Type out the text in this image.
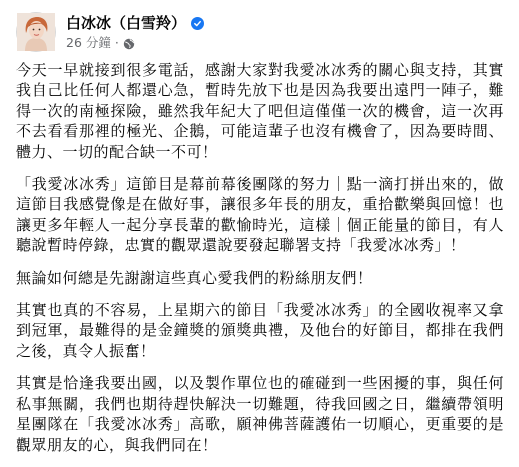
白冰冰（白雪羚）
26 分鐘 ·

今天一早就接到很多電話，感謝大家對我愛冰冰秀的關心與支持，其實我自己比任何人都還心急，暫時先放下也是因為我要出遠門一陣子，難得一次的南極探險，雖然我年紀大了吧但這僅僅一次的機會，這一次再不去看看那裡的極光、企鵝，可能這輩子也沒有機會了，因為要時間、體力、一切的配合缺一不可！

「我愛冰冰秀」這節目是幕前幕後團隊的努力｜點一滴打拼出來的，做這節目我感覺像是在做好事，讓很多年長的朋友，重拾歡樂與回憶！也讓更多年輕人一起分享長輩的歡愉時光，這樣｜個正能量的節目，有人聽說暫時停錄，忠實的觀眾還說要發起聯署支持「我愛冰冰秀」！

無論如何總是先謝謝這些真心愛我們的粉絲朋友們！

其實也真的不容易，上星期六的節目「我愛冰冰秀」的全國收視率又拿到冠軍，最難得的是金鐘獎的頒獎典禮，及他台的好節目，都排在我們之後，真令人振奮！

其實是恰逢我要出國，以及製作單位也的確碰到一些困擾的事，與任何私事無關，我們也期待趕快解決一切難題，待我回國之日，繼續帶領明星團隊在「我愛冰冰秀」高歌，願神佛菩薩護佑一切順心，更重要的是觀眾朋友的心，與我們同在！
